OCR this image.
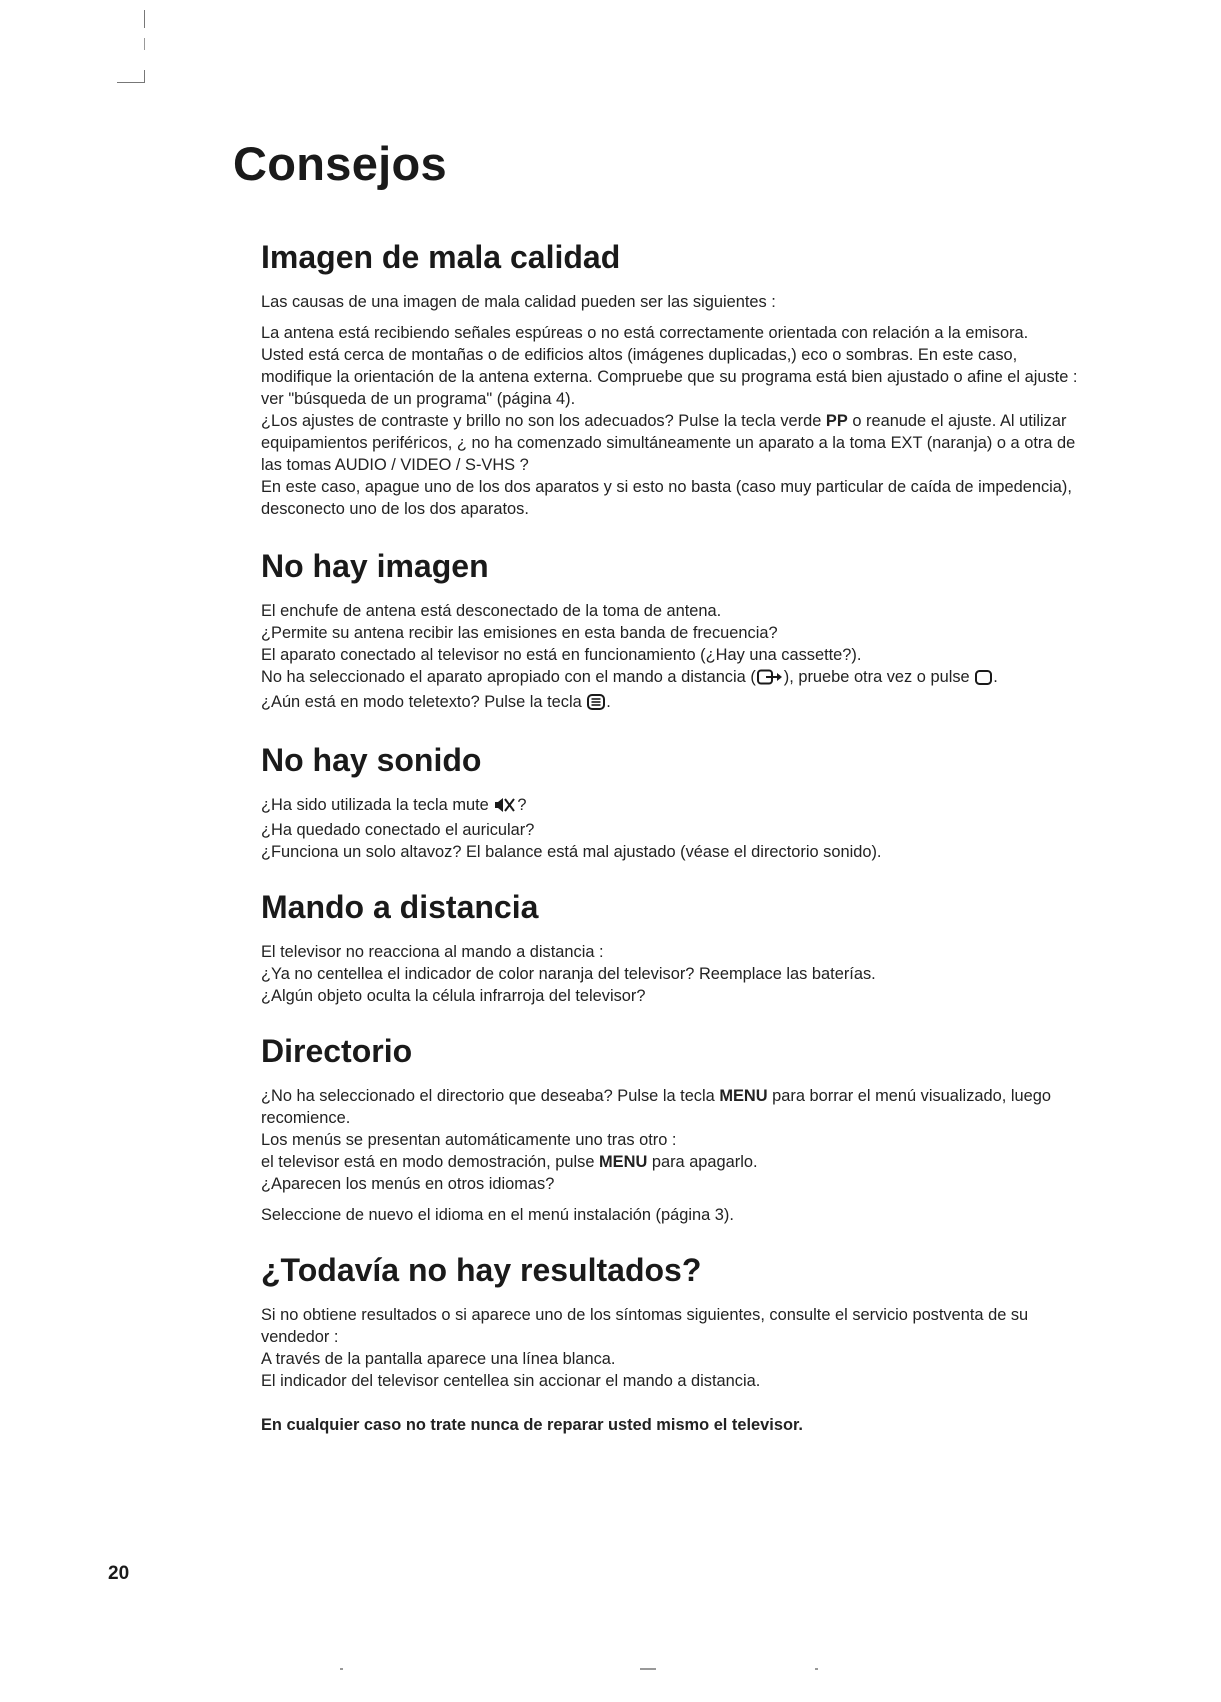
Consejos
Imagen de mala calidad

Las causas de una imagen de mala calidad pueden ser las siguientes :

La antena está recibiendo señales espúreas o no está correctamente orientada con relación a la emisora.

Usted está cerca de montañas o de edificios altos (imágenes duplicadas,) eco o sombras. En este caso, modifique la orientación de la antena externa. Compruebe que su programa está bien ajustado o afine el ajuste : ver "búsqueda de un programa" (página 4).

¿Los ajustes de contraste y brillo no son los adecuados? Pulse la tecla verde PP o reanude el ajuste. Al utilizar equipamientos periféricos, ¿ no ha comenzado simultáneamente un aparato a la toma EXT (naranja) o a otra de las tomas AUDIO / VIDEO / S-VHS ?

En este caso, apague uno de los dos aparatos y si esto no basta (caso muy particular de caída de impedencia), desconecto uno de los dos aparatos.

No hay imagen

El enchufe de antena está desconectado de la toma de antena.

¿Permite su antena recibir las emisiones en esta banda de frecuencia?

El aparato conectado al televisor no está en funcionamiento (¿Hay una cassette?).

No ha seleccionado el aparato apropiado con el mando a distancia ( ), pruebe otra vez o pulse .

¿Aún está en modo teletexto? Pulse la tecla .

No hay sonido

¿Ha sido utilizada la tecla mute ?

¿Ha quedado conectado el auricular?

¿Funciona un solo altavoz? El balance está mal ajustado (véase el directorio sonido).

Mando a distancia

El televisor no reacciona al mando a distancia :

¿Ya no centellea el indicador de color naranja del televisor? Reemplace las baterías.

¿Algún objeto oculta la célula infrarroja del televisor?

Directorio

¿No ha seleccionado el directorio que deseaba? Pulse la tecla MENU para borrar el menú visualizado, luego recomience.

Los menús se presentan automáticamente uno tras otro :

el televisor está en modo demostración, pulse MENU para apagarlo.

¿Aparecen los menús en otros idiomas?

Seleccione de nuevo el idioma en el menú instalación (página 3).

¿Todavía no hay resultados?

Si no obtiene resultados o si aparece uno de los síntomas siguientes, consulte el servicio postventa de su vendedor :

A través de la pantalla aparece una línea blanca.

El indicador del televisor centellea sin accionar el mando a distancia.

En cualquier caso no trate nunca de reparar usted mismo el televisor.

20
